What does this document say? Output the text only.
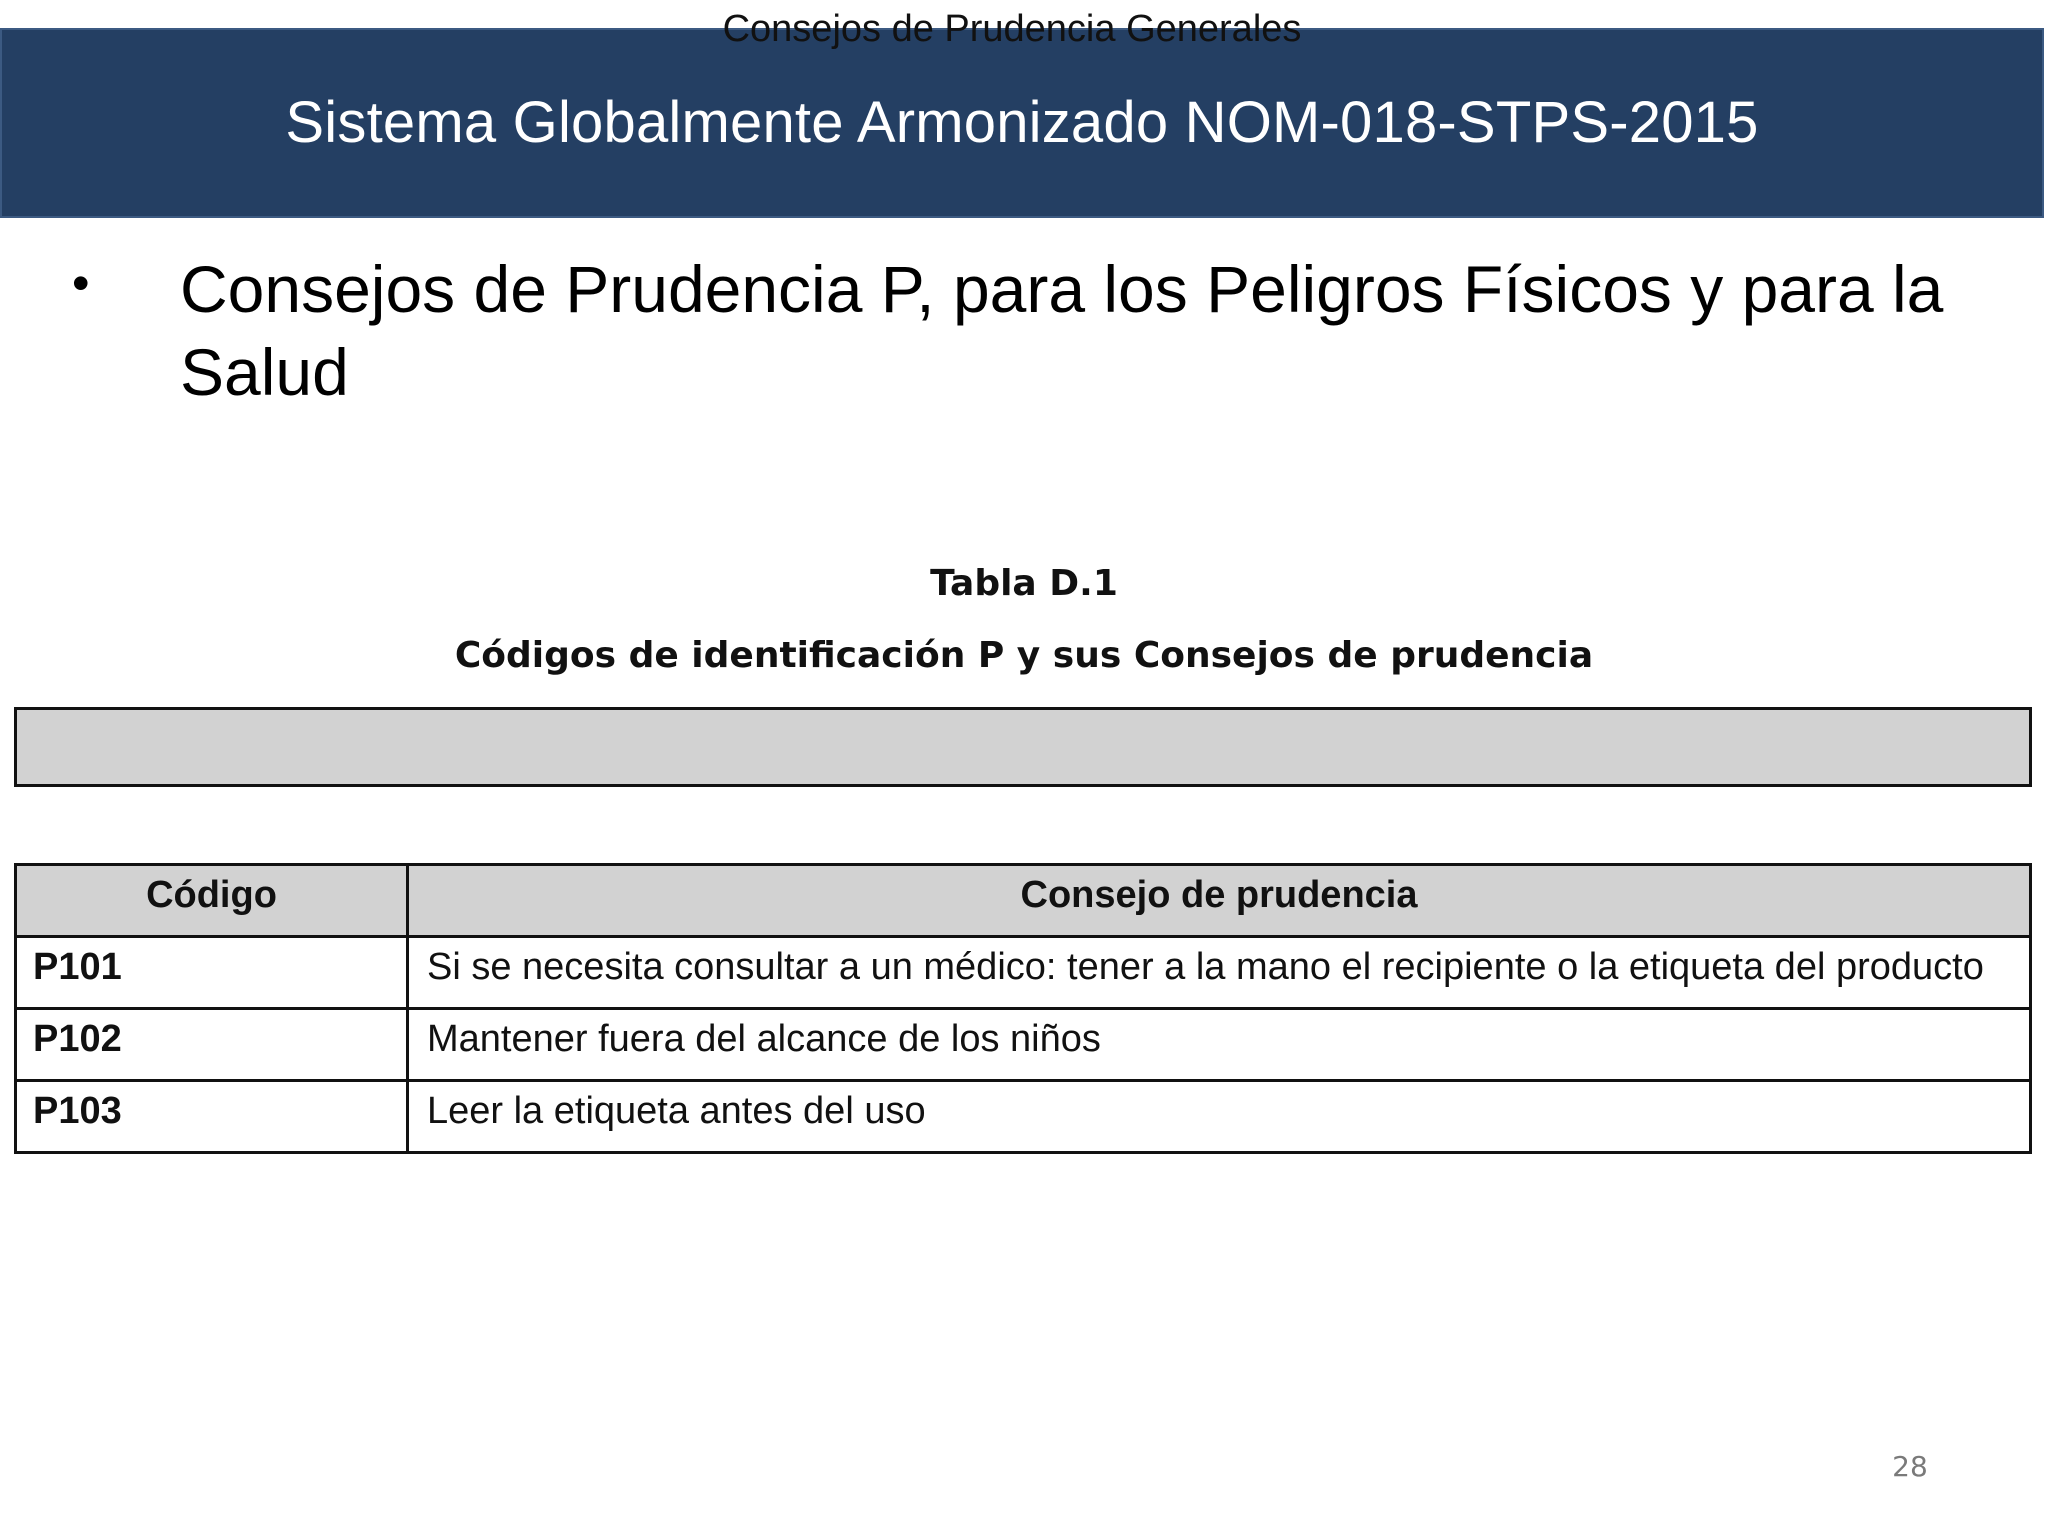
Sistema Globalmente Armonizado NOM-018-STPS-2015
• Consejos de Prudencia P, para los Peligros Físicos y para la Salud
Tabla D.1
Códigos de identificación P y sus Consejos de prudencia
Consejos de Prudencia Generales
Código	Consejo de prudencia
P101	Si se necesita consultar a un médico: tener a la mano el recipiente o la etiqueta del producto
P102	Mantener fuera del alcance de los niños
P103	Leer la etiqueta antes del uso
28
